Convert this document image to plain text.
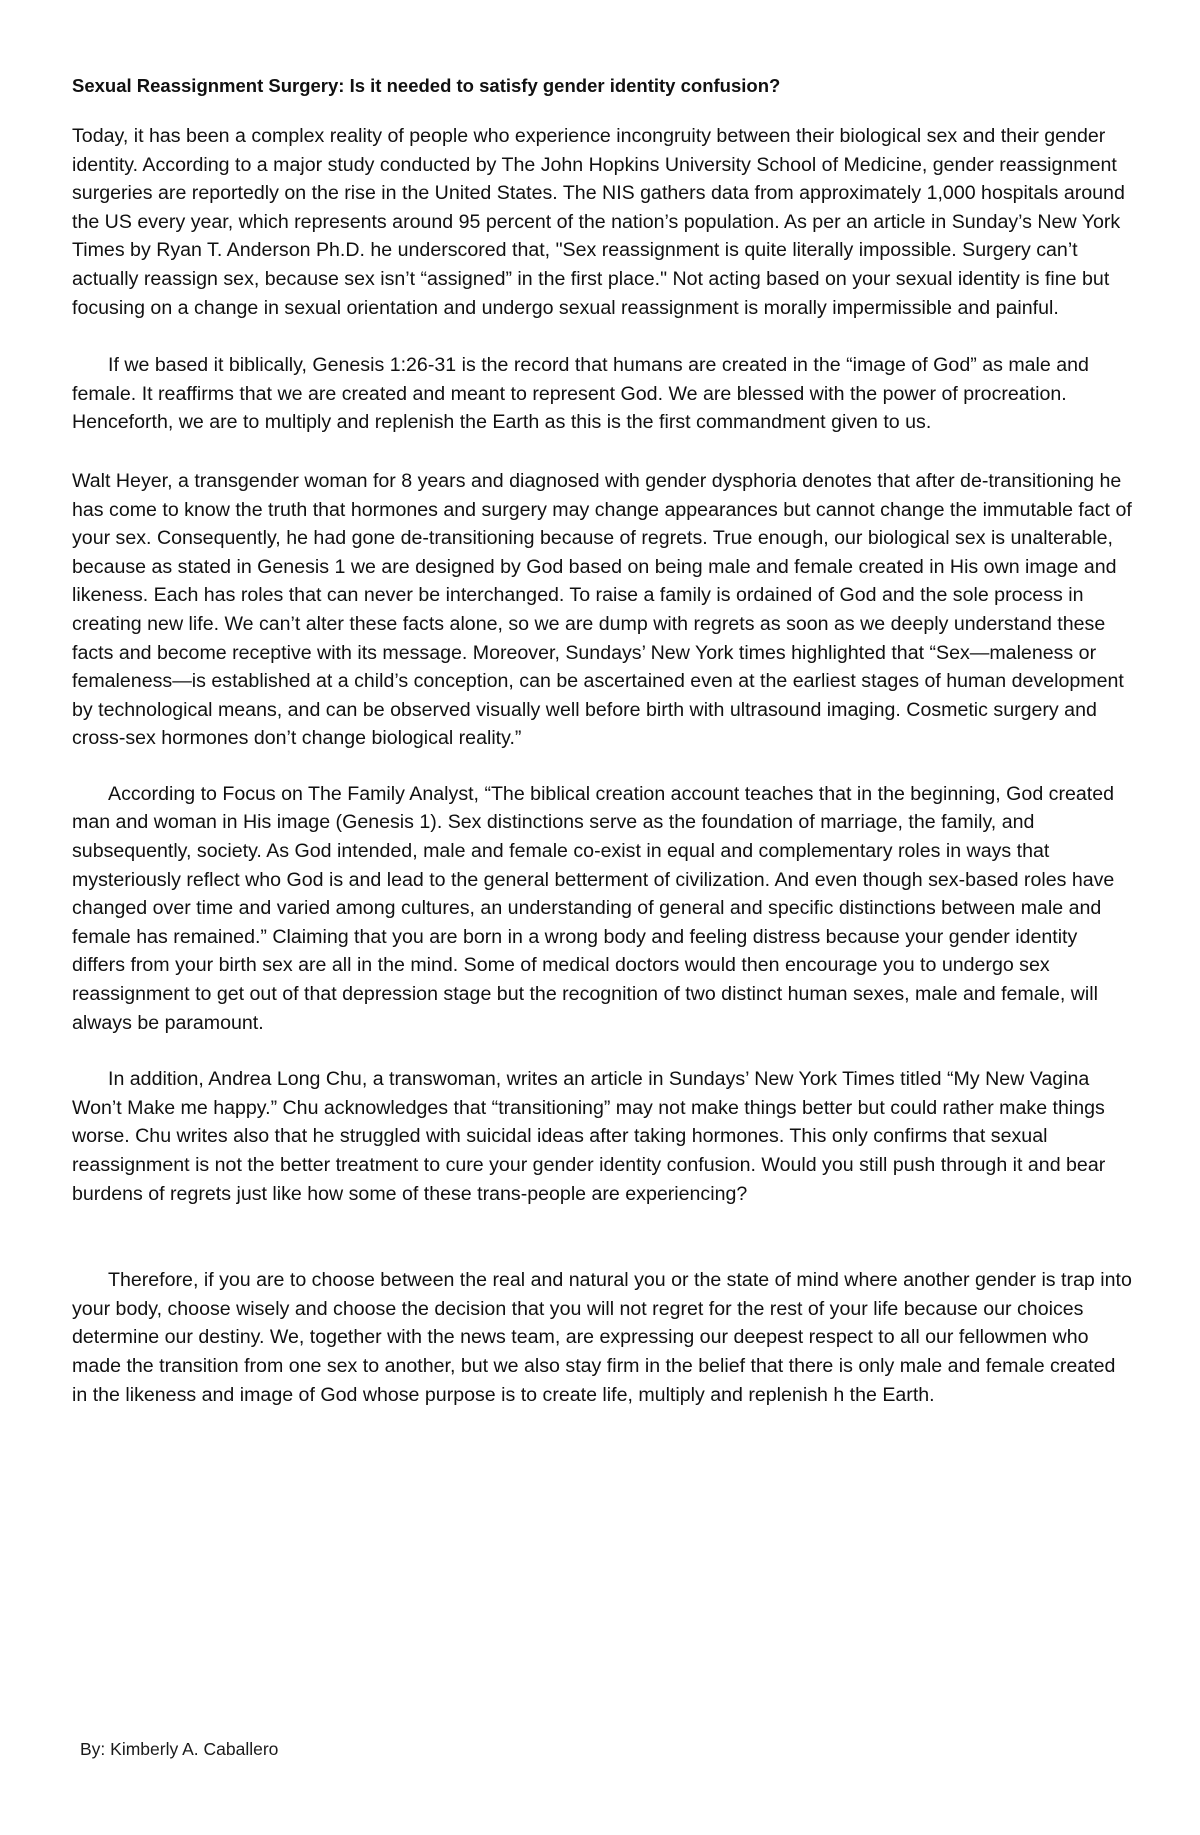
Sexual Reassignment Surgery: Is it needed to satisfy gender identity confusion?

Today, it has been a complex reality of people who experience incongruity between their biological sex and their gender identity. According to a major study conducted by The John Hopkins University School of Medicine, gender reassignment surgeries are reportedly on the rise in the United States. The NIS gathers data from approximately 1,000 hospitals around the US every year, which represents around 95 percent of the nation’s population. As per an article in Sunday’s New York Times by Ryan T. Anderson Ph.D. he underscored that, "Sex reassignment is quite literally impossible. Surgery can’t actually reassign sex, because sex isn’t “assigned” in the first place." Not acting based on your sexual identity is fine but focusing on a change in sexual orientation and undergo sexual reassignment is morally impermissible and painful.

If we based it biblically, Genesis 1:26-31 is the record that humans are created in the “image of God” as male and female. It reaffirms that we are created and meant to represent God. We are blessed with the power of procreation. Henceforth, we are to multiply and replenish the Earth as this is the first commandment given to us.

Walt Heyer, a transgender woman for 8 years and diagnosed with gender dysphoria denotes that after de-transitioning he has come to know the truth that hormones and surgery may change appearances but cannot change the immutable fact of your sex. Consequently, he had gone de-transitioning because of regrets. True enough, our biological sex is unalterable, because as stated in Genesis 1 we are designed by God based on being male and female created in His own image and likeness. Each has roles that can never be interchanged. To raise a family is ordained of God and the sole process in creating new life. We can’t alter these facts alone, so we are dump with regrets as soon as we deeply understand these facts and become receptive with its message. Moreover, Sundays’ New York times highlighted that “Sex—maleness or femaleness—is established at a child’s conception, can be ascertained even at the earliest stages of human development by technological means, and can be observed visually well before birth with ultrasound imaging. Cosmetic surgery and cross-sex hormones don’t change biological reality.”

According to Focus on The Family Analyst, “The biblical creation account teaches that in the beginning, God created man and woman in His image (Genesis 1). Sex distinctions serve as the foundation of marriage, the family, and subsequently, society. As God intended, male and female co-exist in equal and complementary roles in ways that mysteriously reflect who God is and lead to the general betterment of civilization. And even though sex-based roles have changed over time and varied among cultures, an understanding of general and specific distinctions between male and female has remained.” Claiming that you are born in a wrong body and feeling distress because your gender identity differs from your birth sex are all in the mind. Some of medical doctors would then encourage you to undergo sex reassignment to get out of that depression stage but the recognition of two distinct human sexes, male and female, will always be paramount.

In addition, Andrea Long Chu, a transwoman, writes an article in Sundays’ New York Times titled “My New Vagina Won’t Make me happy.” Chu acknowledges that “transitioning” may not make things better but could rather make things worse. Chu writes also that he struggled with suicidal ideas after taking hormones. This only confirms that sexual reassignment is not the better treatment to cure your gender identity confusion. Would you still push through it and bear burdens of regrets just like how some of these trans-people are experiencing?

Therefore, if you are to choose between the real and natural you or the state of mind where another gender is trap into your body, choose wisely and choose the decision that you will not regret for the rest of your life because our choices determine our destiny. We, together with the news team, are expressing our deepest respect to all our fellowmen who made the transition from one sex to another, but we also stay firm in the belief that there is only male and female created in the likeness and image of God whose purpose is to create life, multiply and replenish h the Earth.

By: Kimberly A. Caballero
